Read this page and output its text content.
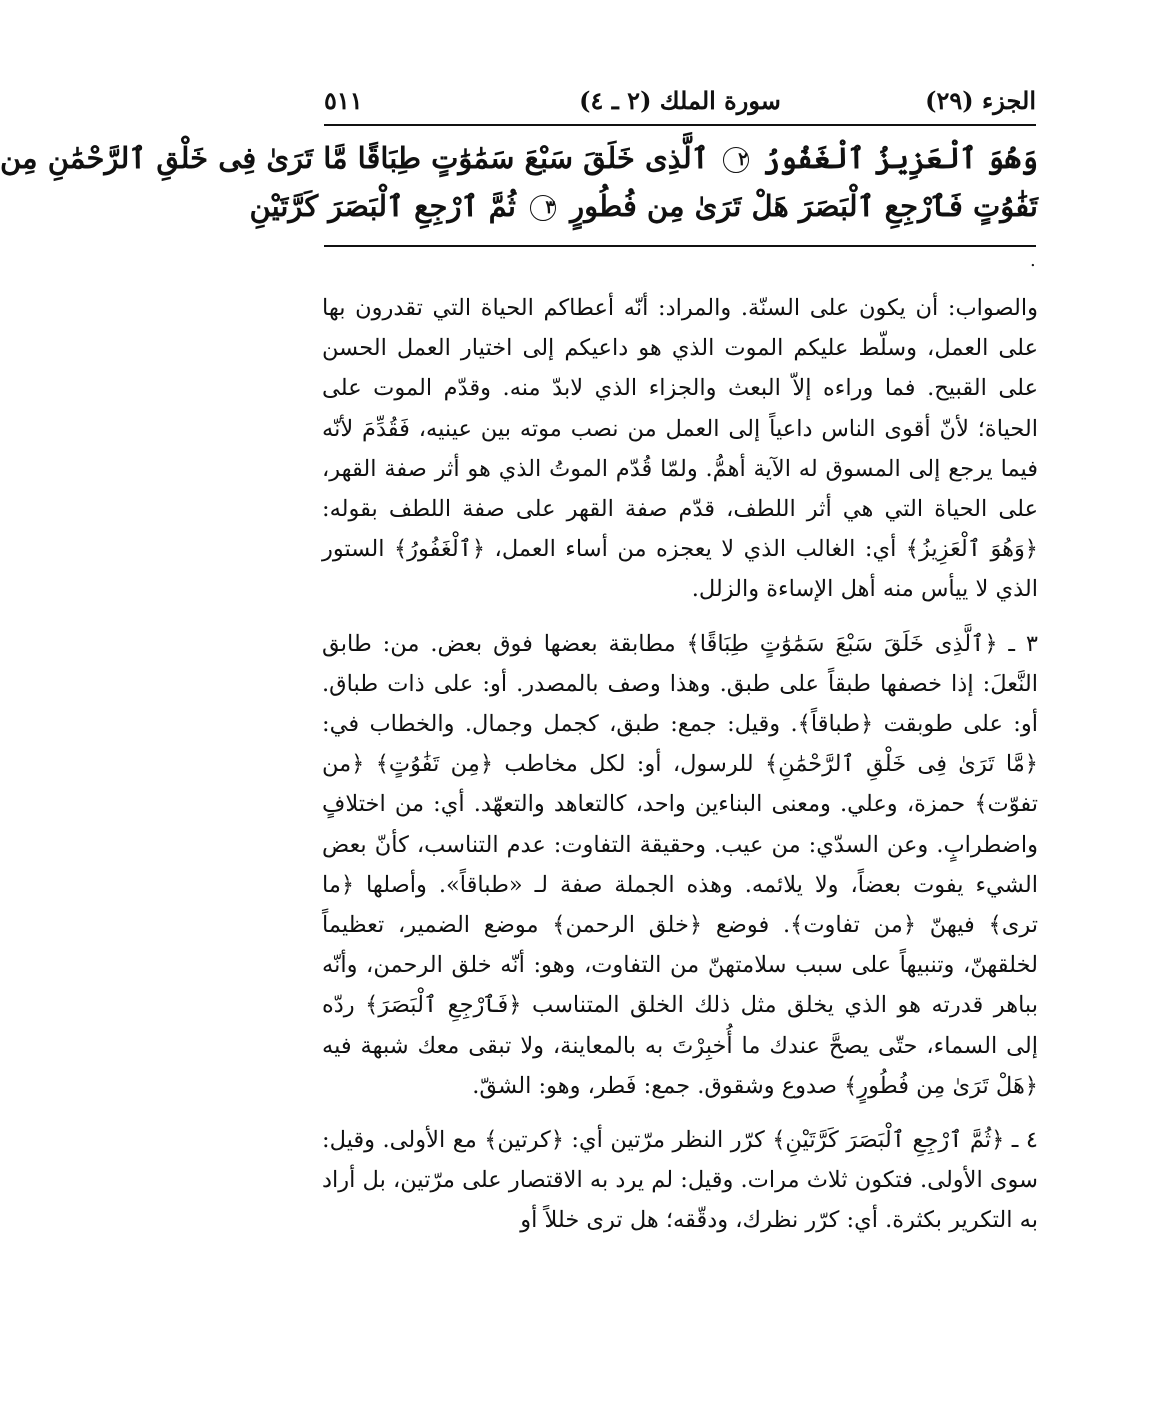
الجزء (٢٩)
سورة الملك (٢ ـ ٤)
٥١١
وَهُوَ ٱلْعَزِيزُ ٱلْغَفُورُ ٢ ٱلَّذِى خَلَقَ سَبْعَ سَمَٰوَٰتٍ طِبَاقًا مَّا تَرَىٰ فِى خَلْقِ ٱلرَّحْمَٰنِ مِن
تَفَٰوُتٍ فَٱرْجِعِ ٱلْبَصَرَ هَلْ تَرَىٰ مِن فُطُورٍ ٣ ثُمَّ ٱرْجِعِ ٱلْبَصَرَ كَرَّتَيْنِ
.

والصواب: أن يكون على السنّة. والمراد: أنّه أعطاكم الحياة التي تقدرون بها على العمل، وسلّط عليكم الموت الذي هو داعيكم إلى اختيار العمل الحسن على القبيح. فما وراءه إلاّ البعث والجزاء الذي لابدّ منه. وقدّم الموت على الحياة؛ لأنّ أقوى الناس داعياً إلى العمل من نصب موته بين عينيه، فَقُدِّمَ لأنّه فيما يرجع إلى المسوق له الآية أهمُّ. ولمّا قُدّم الموتُ الذي هو أثر صفة القهر، على الحياة التي هي أثر اللطف، قدّم صفة القهر على صفة اللطف بقوله: ﴿وَهُوَ ٱلْعَزِيزُ﴾ أي: الغالب الذي لا يعجزه من أساء العمل، ﴿ٱلْغَفُورُ﴾ الستور الذي لا ييأس منه أهل الإساءة والزلل.

٣ ـ ﴿ٱلَّذِى خَلَقَ سَبْعَ سَمَٰوَٰتٍ طِبَاقًا﴾ مطابقة بعضها فوق بعض. من: طابق النَّعلَ: إذا خصفها طبقاً على طبق. وهذا وصف بالمصدر. أو: على ذات طباق. أو: على طوبقت ﴿طباقاً﴾. وقيل: جمع: طبق، كجمل وجمال. والخطاب في: ﴿مَّا تَرَىٰ فِى خَلْقِ ٱلرَّحْمَٰنِ﴾ للرسول، أو: لكل مخاطب ﴿مِن تَفَٰوُتٍ﴾ ﴿من تفوّت﴾ حمزة، وعلي. ومعنى البناءين واحد، كالتعاهد والتعهّد. أي: من اختلافٍ واضطرابٍ. وعن السدّي: من عيب. وحقيقة التفاوت: عدم التناسب، كأنّ بعض الشيء يفوت بعضاً، ولا يلائمه. وهذه الجملة صفة لـ «طباقاً». وأصلها ﴿ما ترى﴾ فيهنّ ﴿من تفاوت﴾. فوضع ﴿خلق الرحمن﴾ موضع الضمير، تعظيماً لخلقهنّ، وتنبيهاً على سبب سلامتهنّ من التفاوت، وهو: أنّه خلق الرحمن، وأنّه بباهر قدرته هو الذي يخلق مثل ذلك الخلق المتناسب ﴿فَٱرْجِعِ ٱلْبَصَرَ﴾ ردّه إلى السماء، حتّى يصحَّ عندك ما أُخبِرْتَ به بالمعاينة، ولا تبقى معك شبهة فيه ﴿هَلْ تَرَىٰ مِن فُطُورٍ﴾ صدوع وشقوق. جمع: فَطر، وهو: الشقّ.

٤ ـ ﴿ثُمَّ ٱرْجِعِ ٱلْبَصَرَ كَرَّتَيْنِ﴾ كرّر النظر مرّتين أي: ﴿كرتين﴾ مع الأولى. وقيل: سوى الأولى. فتكون ثلاث مرات. وقيل: لم يرد به الاقتصار على مرّتين، بل أراد به التكرير بكثرة. أي: كرّر نظرك، ودقّقه؛ هل ترى خللاً أو
